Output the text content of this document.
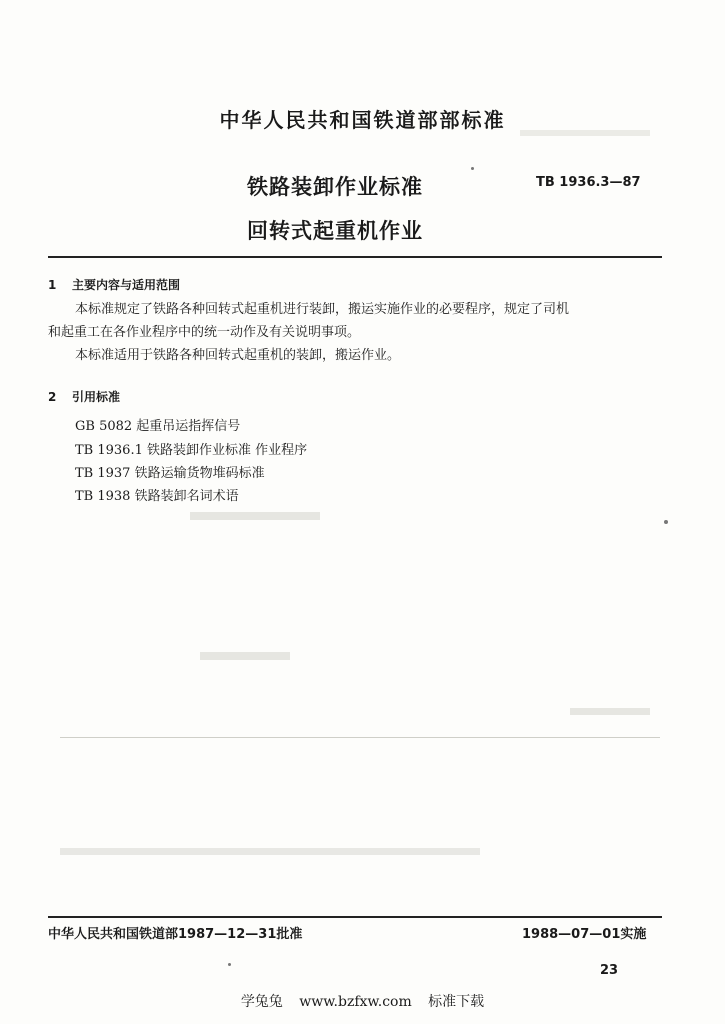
中华人民共和国铁道部部标准
铁路装卸作业标准
回转式起重机作业
TB 1936.3—87
1 主要内容与适用范围
本标准规定了铁路各种回转式起重机进行装卸，搬运实施作业的必要程序，规定了司机
和起重工在各作业程序中的统一动作及有关说明事项。
本标准适用于铁路各种回转式起重机的装卸，搬运作业。
2 引用标准
GB 5082 起重吊运指挥信号
TB 1936.1 铁路装卸作业标准 作业程序
TB 1937 铁路运输货物堆码标准
TB 1938 铁路装卸名词术语
中华人民共和国铁道部1987—12—31批准	1988—07—01实施
23
学兔兔 www.bzfxw.com 标准下载
